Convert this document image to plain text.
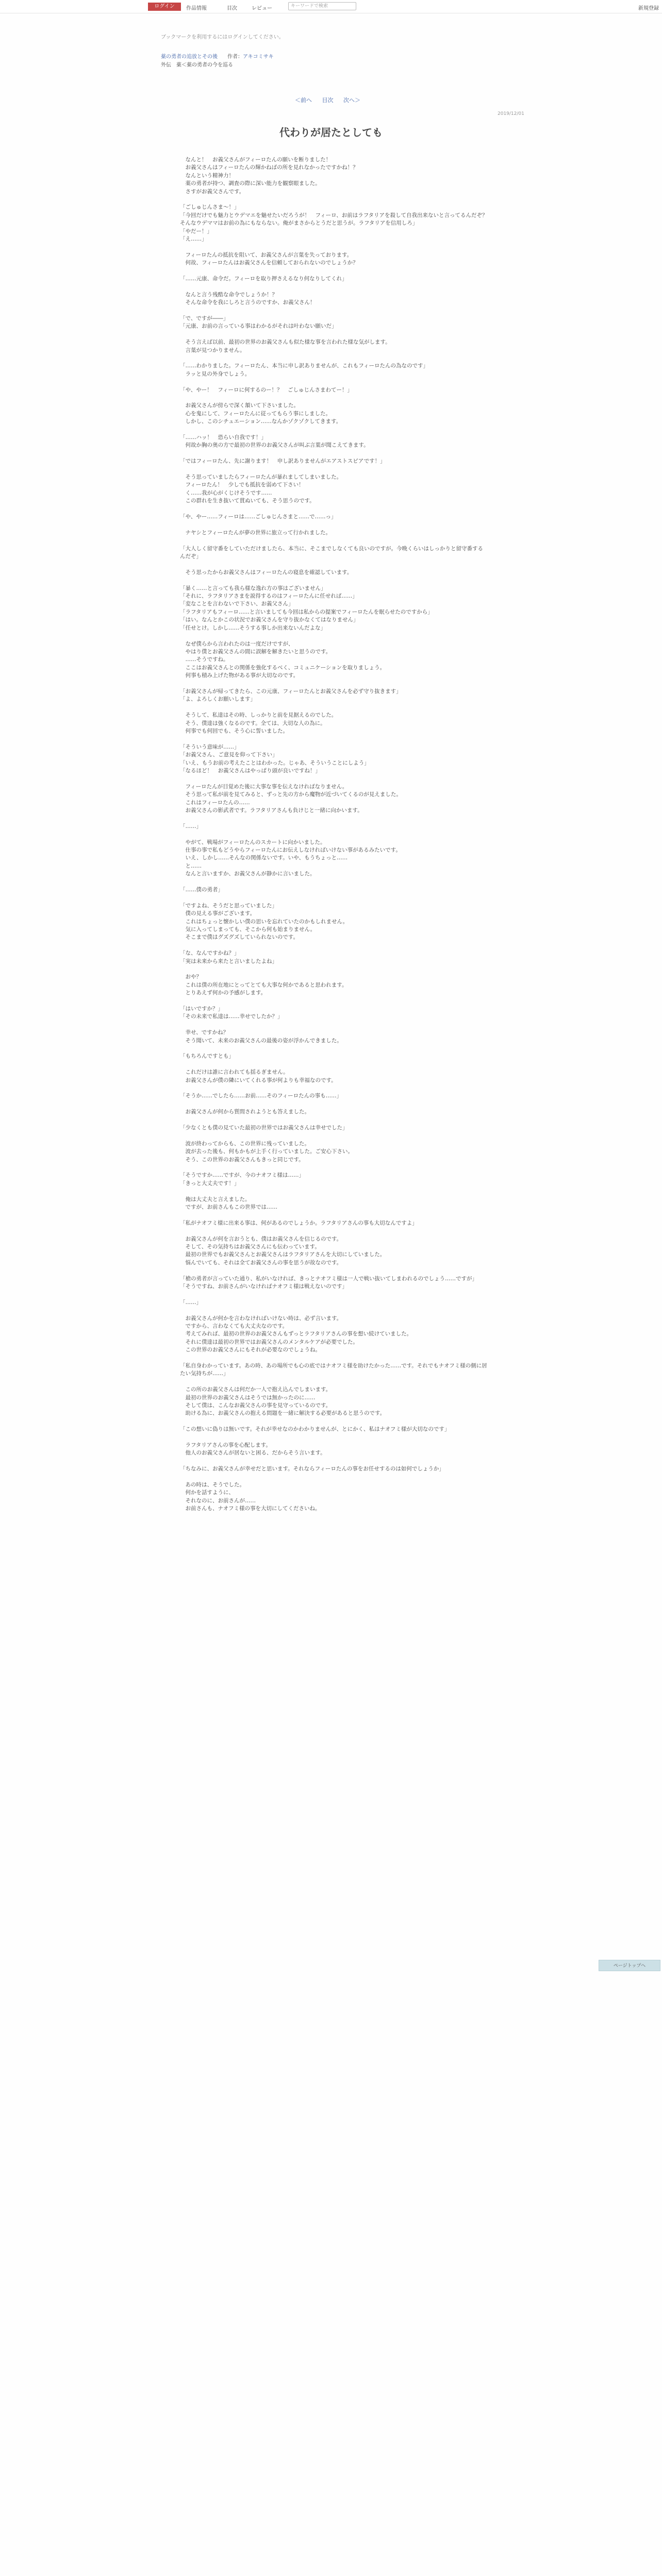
ログイン	作品情報	目次	レビュー	キーワードで検索	新規登録
ブックマークを利用するにはログインしてください。
薬の勇者の追放とその後 作者：アキコミサキ
外伝　薬＜薬の勇者の今を巡る
＜前へ 目次 次へ＞
2019/12/01
代わりが居たとしても

　なんと！　お義父さんがフィーロたんの願いを断りました！
　お義父さんはフィーロたんの輝かねばの所を見れなかったですかね！？
　なんという精神力！
　薬の勇者が持つ、調査の際に深い能力を観察眼ました。
　さすがお義父さんです。

「ごしゅじんさま～！」
「今回だけでも魅力とウデマエを魅せたいだろうが！　フィーロ、お前はラフタリアを殺して自我出来ないと言ってるんだぞ？　そんなウデママはお前の為にもならない。俺がまさからとうだと思うが。ラフタリアを信用しろ」
「やだー！」
「え……」

　フィーロたんの抵抗を阻いて、お義父さんが言葉を失っております。
　何故、フィーロたんはお義父さんを信頼しておられないのでしょうか？

「……元康、命令だ。フィーロを取り押さえるなり何なりしてくれ」

　なんと言う残酷な命令でしょうか！？
　そんな命令を我にしろと言うのですか、お義父さん！

「で、ですが――」
「元康、お前の言っている事はわかるがそれは叶わない願いだ」

　そう言えば以前、最初の世界のお義父さんも似た様な事を言われた様な気がします。
　言葉が見つかりません。

「……わかりました。フィーロたん、本当に申し訳ありませんが、これもフィーロたんの為なのです」
　ラッと見の外身でしょう。

「や、やー！　フィーロに何するのー！？　ごしゅじんさまわてー！」

　お義父さんが傍らで深く頷いて下さいました。
　心を鬼にして、フィーロたんに従ってもらう事にしました。
　しかし、このシチュエーション……なんかゾクゾクしてきます。

「……ハッ！　恐らい自我です！」
　何故か胸の奥の方で最初の世界のお義父さんが叫ぶ言葉が聞こえてきます。

「ではフィーロたん、先に謝ります！　申し訳ありませんがエアストスピアです！」

　そう思っていましたらフィーロたんが暴れましてしまいました。
　フィーロたん！　少しでも抵抗を弱めて下さい！
　く……我が心がくじけそうです……
　この群れを生き抜いて貫ぬいても、そう思うのです。

「や、やー……フィーロは……ごしゅじんさまと……で……っ」

　ナヤシとフィーロたんが夢の世界に旅立って行かれました。

「大人しく留守番をしていただけましたら、本当に、そこまでしなくても良いのですが。今晩くらいはしっかりと留守番するんだぞ」

　そう思ったからお義父さんはフィーロたんの寝息を確認しています。

「暴く……と言っても我ら様な逸れ方の事はございません」
「それに、ラフタリアさまを説得するのはフィーロたんに任せれば……」
「変なことを言わないで下さい、お義父さん」
「ラフタリアもフィーロ……と言いましても今回は私からの提案でフィーロたんを眠らせたのですから」
「はい。なんとかこの状況でお義父さんを守り抜かなくてはなりません」
「任せとけ。しかし……そうする事しか出来ないんだよな」

　なぜ僕らから言われたのは一度だけですが、
　やはり僕とお義父さんの間に誤解を解きたいと思うのです。
　……そうですね。
　ここはお義父さんとの関係を強化するべく、コミュニケーションを取りましょう。
　何事も積み上げた物がある事が大切なのです。

「お義父さんが帰ってきたら、この元康、フィーロたんとお義父さんを必ず守り抜きます」
「よ、よろしくお願いします」

　そうして、私達はその時、しっかりと前を見据えるのでした。
　そう、僕達は強くなるのです。全ては、大切な人の為に。
　何事でも何回でも、そう心に誓いました。

「そういう意味が……」
「お義父さん、ご意見を仰って下さい」
「いえ、もうお前の考えたことはわかった。じゃあ、そういうことにしよう」
「なるほど！　お義父さんはやっぱり頭が良いですね！」

　フィーロたんが目覚めた後に大事な事を伝えなければなりません。
　そう思って私が前を見てみると、ずっと先の方から魔物が近づいてくるのが見えました。
　これはフィーロたんの……
　お義父さんの影武者です。ラフタリアさんも負けじと一緒に向かいます。

「……」

　やがて、戦場がフィーロたんのスカートに向かいました。
　仕事の事で私もどうやらフィーロたんにお伝えしなければいけない事があるみたいです。
　いえ、しかし……そんなの関係ないです。いや、もうちょっと……
　と……
　なんと言いますか、お義父さんが静かに言いました。

「……僕の勇者」

「ですよね、そうだと思っていました」
　僕の見える事がございます。
　これはちょっと懐かしい僕の思いを忘れていたのかもしれません。
　気に入ってしまっても、そこから何も始まりません。
　そこまで僕はグズグズしていられないのです。

「な、なんですかね？」
「実は未来から来たと言いましたよね」

　おや？
　これは僕の所在地にとってとても大事な何かであると思われます。
　とりあえず何かの予感がします。

「はいですか？」
「その未来で私達は……幸せでしたか？」

　幸せ、ですかね？
　そう聞いて、未来のお義父さんの最後の姿が浮かんできました。

「もちろんですとも」

　これだけは誰に言われても揺るぎません。
　お義父さんが僕の隣にいてくれる事が何よりも幸福なのです。

「そうか……でしたら……お前……そのフィーロたんの事も……」

　お義父さんが何から質問されようとも答えました。

「少なくとも僕の見ていた最初の世界ではお義父さんは幸せでした」

　波が終わってからも、この世界に残っていました。
　波が去った後も、何もかもが上手く行っていました。ご安心下さい。
　そう、この世界のお義父さんもきっと同じです。

「そうですか……ですが、今のナオフミ様は……」
「きっと大丈夫です！」

　俺は大丈夫と言えました。
　ですが、お前さんもこの世界では……

「私がナオフミ様に出来る事は、何があるのでしょうか。ラフタリアさんの事も大切なんですよ」

　お義父さんが何を言おうとも、僕はお義父さんを信じるのです。
　そして、その気持ちはお義父さんにも伝わっています。
　最初の世界でもお義父さんとお義父さんはラフタリアさんを大切にしていました。
　悩んでいても、それは全てお義父さんの事を思うが故なのです。

「槍の勇者が言っていた通り、私がいなければ、きっとナオフミ様は一人で戦い抜いてしまわれるのでしょう……ですが」
「そうですね、お前さんがいなければナオフミ様は戦えないのです」

「……」

　お義父さんが何かを言わなければいけない時は、必ず言います。
　ですから、言わなくても大丈夫なのです。
　考えてみれば、最初の世界のお義父さんもずっとラフタリアさんの事を想い続けていました。
　それに僕達は最初の世界ではお義父さんのメンタルケアが必要でした。
　この世界のお義父さんにもそれが必要なのでしょうね。

「私自身わかっています。あの時、あの場所でも心の底ではナオフミ様を助けたかった……です。それでもナオフミ様の側に居たい気持ちが……」

　この所のお義父さんは何だか一人で抱え込んでしまいます。
　最初の世界のお義父さんはそうでは無かったのに……
　そして僕は、こんなお義父さんの事を見守っているのです。
　助ける為に、お義父さんの抱える問題を一緒に解決する必要があると思うのです。

「この想いに偽りは無いです。それが幸せなのかわかりませんが、とにかく、私はナオフミ様が大切なのです」

　ラフタリアさんの事を心配します。
　他人のお義父さんが居ないと困る、だからそう言います。

「ちなみに、お義父さんが幸せだと思います。それならフィーロたんの事をお任せするのは如何でしょうか」

　あの時は、そうでした。
　何かを話すように、
　それなのに、お前さんが……
　お前さんも、ナオフミ様の事を大切にしてくださいね。

ページトップへ
